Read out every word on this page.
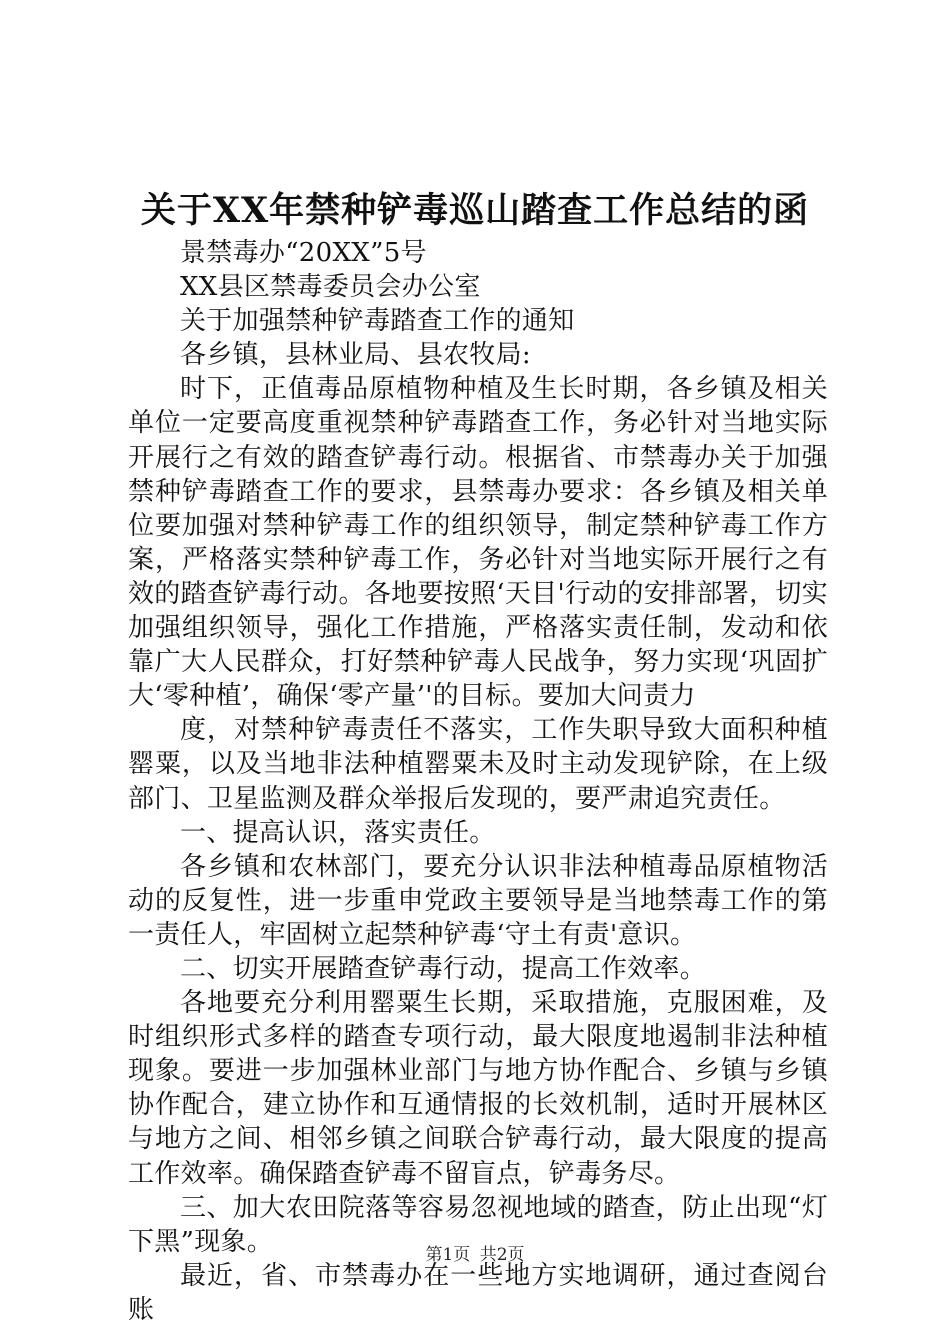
关于XX年禁种铲毒巡山踏查工作总结的函

景禁毒办“20XX”5号

XX县区禁毒委员会办公室

关于加强禁种铲毒踏查工作的通知

各乡镇，县林业局、县农牧局:

时下，正值毒品原植物种植及生长时期，各乡镇及相关单位一定要高度重视禁种铲毒踏查工作，务必针对当地实际开展行之有效的踏查铲毒行动。根据省、市禁毒办关于加强禁种铲毒踏查工作的要求，县禁毒办要求：各乡镇及相关单位要加强对禁种铲毒工作的组织领导，制定禁种铲毒工作方案，严格落实禁种铲毒工作，务必针对当地实际开展行之有效的踏查铲毒行动。各地要按照‘天目'行动的安排部署，切实加强组织领导，强化工作措施，严格落实责任制，发动和依靠广大人民群众，打好禁种铲毒人民战争，努力实现‘巩固扩大‘零种植’，确保‘零产量’'的目标。要加大问责力

度，对禁种铲毒责任不落实，工作失职导致大面积种植罂粟，以及当地非法种植罂粟未及时主动发现铲除，在上级部门、卫星监测及群众举报后发现的，要严肃追究责任。

一、提高认识，落实责任。

各乡镇和农林部门，要充分认识非法种植毒品原植物活动的反复性，进一步重申党政主要领导是当地禁毒工作的第一责任人，牢固树立起禁种铲毒‘守土有责'意识。

二、切实开展踏查铲毒行动，提高工作效率。

各地要充分利用罂粟生长期，采取措施，克服困难，及时组织形式多样的踏查专项行动，最大限度地遏制非法种植现象。要进一步加强林业部门与地方协作配合、乡镇与乡镇协作配合，建立协作和互通情报的长效机制，适时开展林区与地方之间、相邻乡镇之间联合铲毒行动，最大限度的提高工作效率。确保踏查铲毒不留盲点，铲毒务尽。

三、加大农田院落等容易忽视地域的踏查，防止出现“灯下黑”现象。

最近，省、市禁毒办在一些地方实地调研，通过查阅台账

第1页 共2页
